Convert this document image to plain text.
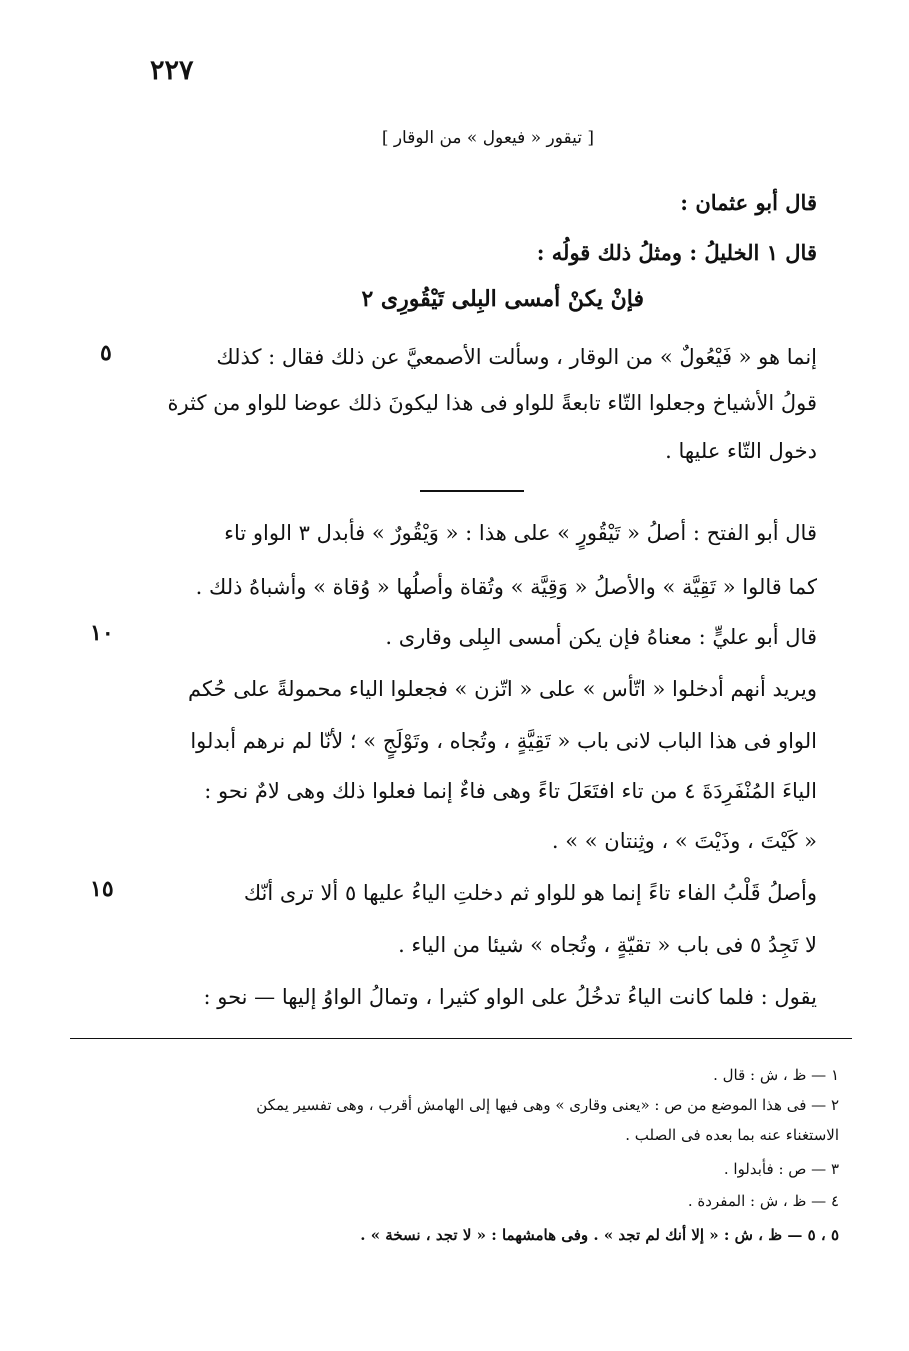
٢٢٧
[ تيقور « فيعول » من الوقار ]
قال أبو عثمان :
قال ١ الخليلُ : ومثلُ ذلك قولُه :
فإنْ يكنْ أمسى البِلى تَيْقُورِى ٢
إنما هو « فَيْعُولٌ » من الوقار ، وسألت الأصمعيَّ عن ذلك فقال : كذلك
قولُ الأشياخ وجعلوا التّاء تابعةً للواو فى هذا ليكونَ ذلك عوضا للواو من كثرة
دخول التّاء عليها .
قال أبو الفتح : أصلُ « تَيْقُورٍ » على هذا : « وَيْقُورٌ » فأبدل ٣ الواو تاء
كما قالوا « تَقِيَّة » والأصلُ « وَقِيَّة » وتُقاة وأصلُها « وُقاة » وأشباهُ ذلك .
قال أبو عليٍّ : معناهُ فإن يكن أمسى البِلى وقارى .
ويريد أنهم أدخلوا « اتّأس » على « اتّزن » فجعلوا الياء محمولةً على حُكم
الواو فى هذا الباب لانى باب « تَقِيَّةٍ ، وتُجاه ، وتَوْلَجٍ » ؛ لأنّا لم نرهم أبدلوا
الياءَ المُنْفَرِدَةَ ٤ من تاء افتَعَلَ تاءً وهى فاءٌ إنما فعلوا ذلك وهى لامٌ نحو :
« كَيْتَ ، وذَيْتَ » ، وثِنتان » » .
وأصلُ قَلْبُ الفاء تاءً إنما هو للواو ثم دخلتِ الياءُ عليها ٥ ألا ترى أنّك
لا تَجِدُ ٥ فى باب « تقيّةٍ ، وتُجاه » شيئا من الياء .
يقول : فلما كانت الياءُ تدخُلُ على الواو كثيرا ، وتمالُ الواوُ إليها — نحو :
٥
١٠
١٥
١ — ظ ، ش : قال .
٢ — فى هذا الموضع من ص : «يعنى وقارى » وهى فيها إلى الهامش أقرب ، وهى تفسير يمكن
الاستغناء عنه بما بعده فى الصلب .
٣ — ص : فأبدلوا .
٤ — ظ ، ش : المفردة .
٥ ، ٥ — ظ ، ش : « إلا أنك لم تجد » . وفى هامشهما : « لا تجد ، نسخة » .
